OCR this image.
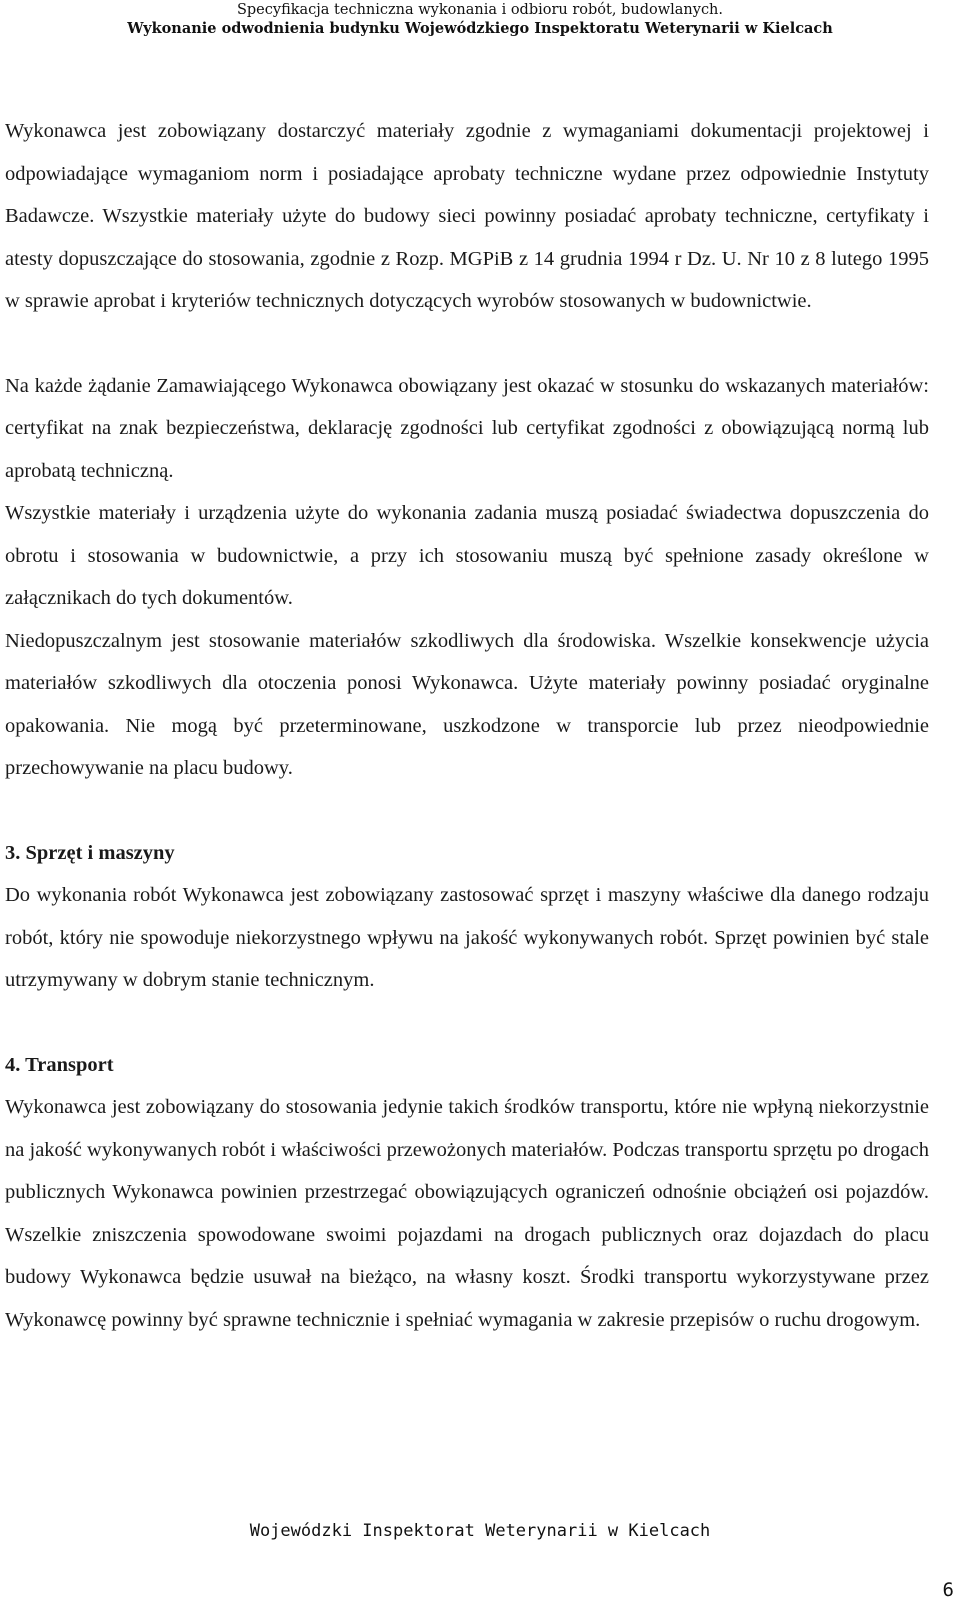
Specyfikacja techniczna wykonania i odbioru robót, budowlanych.
Wykonanie odwodnienia budynku Wojewódzkiego Inspektoratu Weterynarii w Kielcach

Wykonawca jest zobowiązany dostarczyć materiały zgodnie z wymaganiami dokumentacji projektowej i odpowiadające wymaganiom norm i posiadające aprobaty techniczne wydane przez odpowiednie Instytuty Badawcze. Wszystkie materiały użyte do budowy sieci powinny posiadać aprobaty techniczne, certyfikaty i atesty dopuszczające do stosowania, zgodnie z Rozp. MGPiB z 14 grudnia 1994 r Dz. U. Nr 10 z 8 lutego 1995 w sprawie aprobat i kryteriów technicznych dotyczących wyrobów stosowanych w budownictwie.

Na każde żądanie Zamawiającego Wykonawca obowiązany jest okazać w stosunku do wskazanych materiałów: certyfikat na znak bezpieczeństwa, deklarację zgodności lub certyfikat zgodności z obowiązującą normą lub aprobatą techniczną.

Wszystkie materiały i urządzenia użyte do wykonania zadania muszą posiadać świadectwa dopuszczenia do obrotu i stosowania w budownictwie, a przy ich stosowaniu muszą być spełnione zasady określone w załącznikach do tych dokumentów.

Niedopuszczalnym jest stosowanie materiałów szkodliwych dla środowiska. Wszelkie konsekwencje użycia materiałów szkodliwych dla otoczenia ponosi Wykonawca. Użyte materiały powinny posiadać oryginalne opakowania. Nie mogą być przeterminowane, uszkodzone w transporcie lub przez nieodpowiednie przechowywanie na placu budowy.

3. Sprzęt i maszyny

Do wykonania robót Wykonawca jest zobowiązany zastosować sprzęt i maszyny właściwe dla danego rodzaju robót, który nie spowoduje niekorzystnego wpływu na jakość wykonywanych robót. Sprzęt powinien być stale utrzymywany w dobrym stanie technicznym.

4. Transport

Wykonawca jest zobowiązany do stosowania jedynie takich środków transportu, które nie wpłyną niekorzystnie na jakość wykonywanych robót i właściwości przewożonych materiałów. Podczas transportu sprzętu po drogach publicznych Wykonawca powinien przestrzegać obowiązujących ograniczeń odnośnie obciążeń osi pojazdów. Wszelkie zniszczenia spowodowane swoimi pojazdami na drogach publicznych oraz dojazdach do placu budowy Wykonawca będzie usuwał na bieżąco, na własny koszt. Środki transportu wykorzystywane przez Wykonawcę powinny być sprawne technicznie i spełniać wymagania w zakresie przepisów o ruchu drogowym.

Wojewódzki Inspektorat Weterynarii w Kielcach
6
